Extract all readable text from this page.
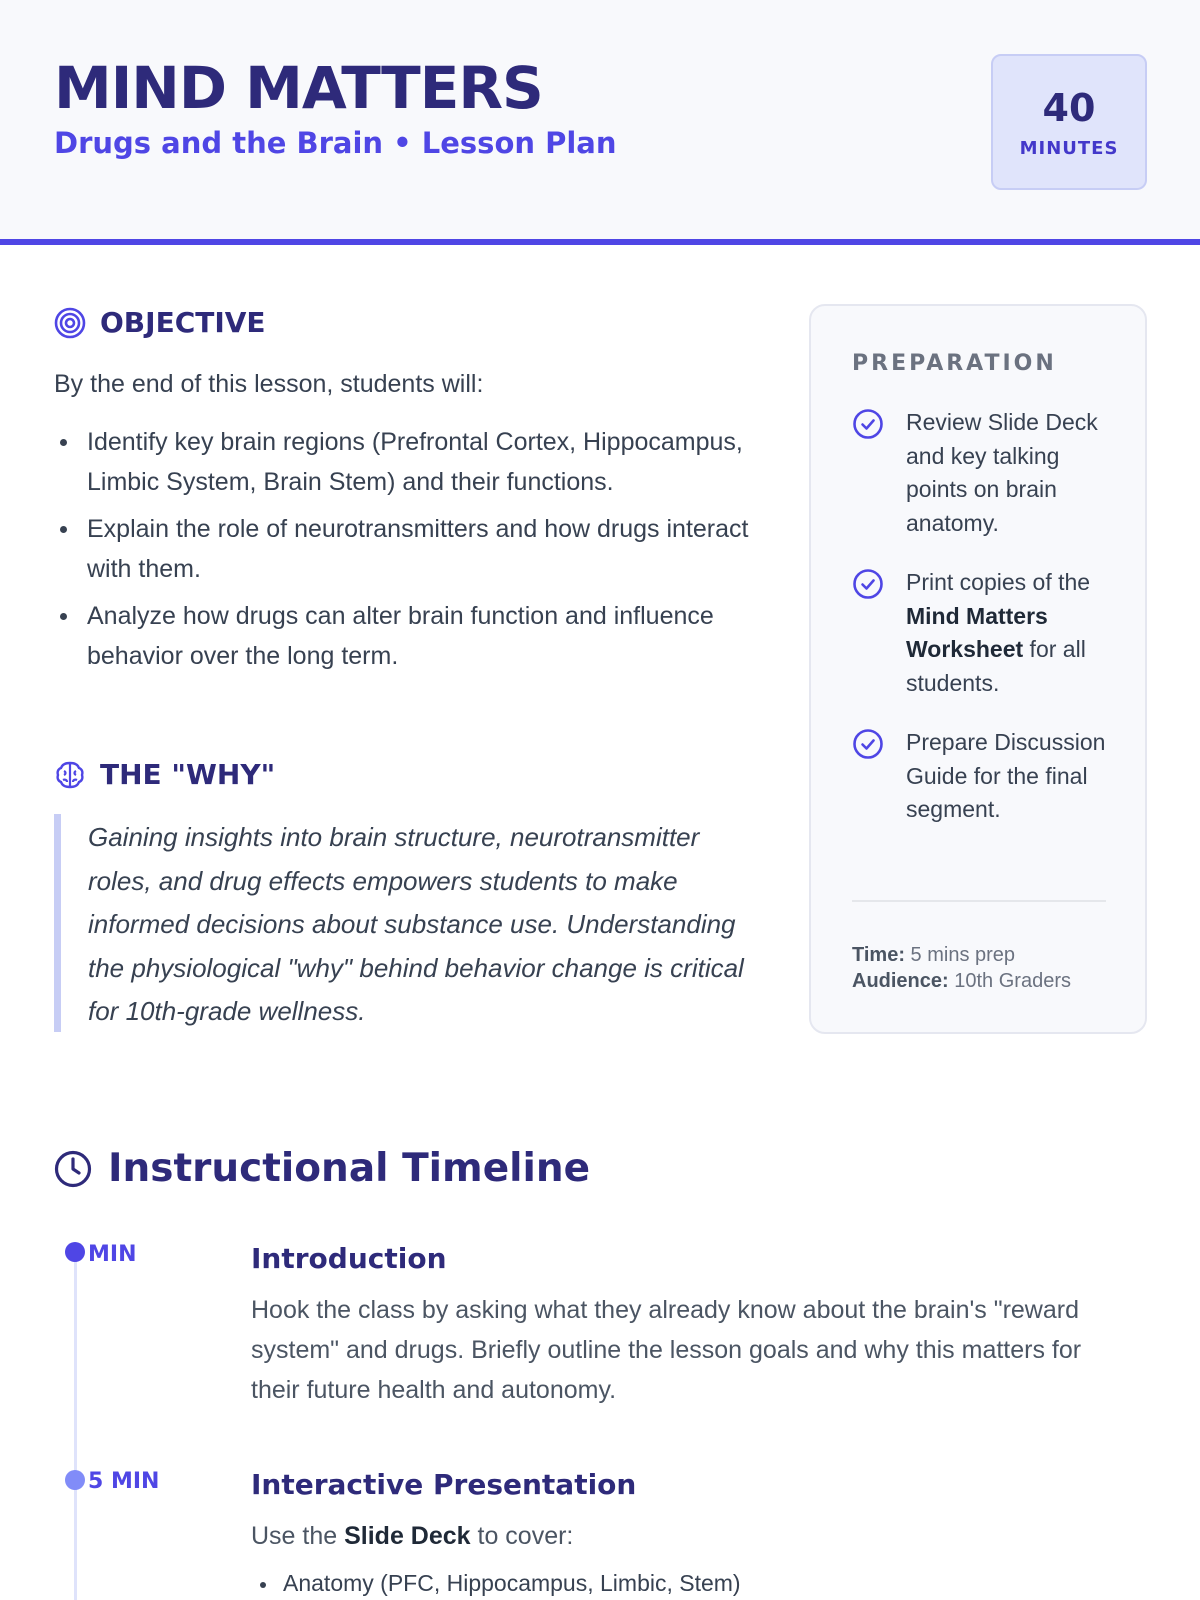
MIND MATTERS
Drugs and the Brain • Lesson Plan
40
MINUTES
OBJECTIVE
By the end of this lesson, students will:
Identify key brain regions (Prefrontal Cortex, Hippocampus, Limbic System, Brain Stem) and their functions.
Explain the role of neurotransmitters and how drugs interact with them.
Analyze how drugs can alter brain function and influence behavior over the long term.
THE "WHY"
Gaining insights into brain structure, neurotransmitter roles, and drug effects empowers students to make informed decisions about substance use. Understanding the physiological "why" behind behavior change is critical for 10th-grade wellness.
PREPARATION
Review Slide Deck and key talking points on brain anatomy.
Print copies of the Mind Matters Worksheet for all students.
Prepare Discussion Guide for the final segment.
Time: 5 mins prep
Audience: 10th Graders
Instructional Timeline
MIN	Introduction
Hook the class by asking what they already know about the brain's "reward system" and drugs. Briefly outline the lesson goals and why this matters for their future health and autonomy.
5 MIN	Interactive Presentation
Use the Slide Deck to cover:
Anatomy (PFC, Hippocampus, Limbic, Stem)
